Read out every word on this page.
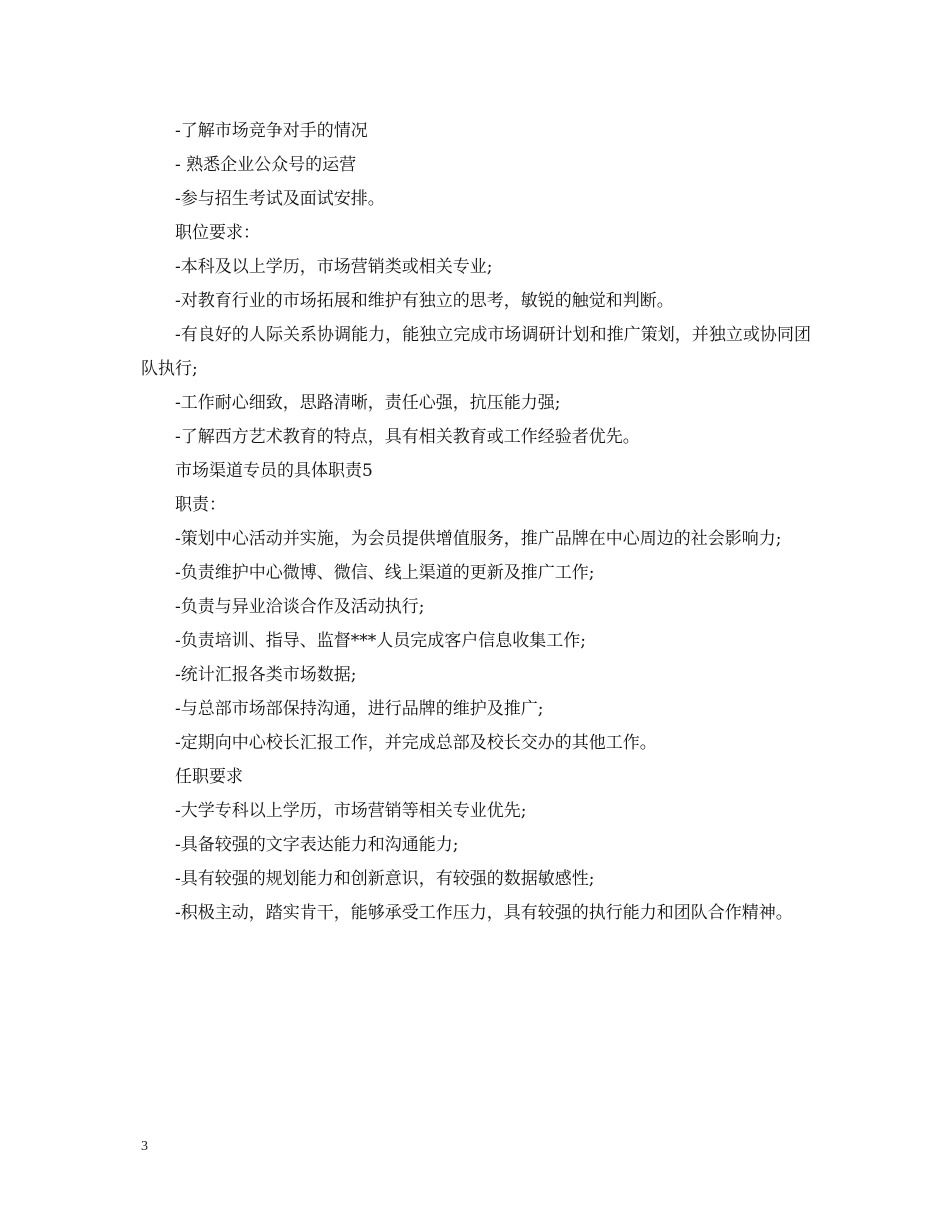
-了解市场竞争对手的情况

- 熟悉企业公众号的运营

-参与招生考试及面试安排。

职位要求：

-本科及以上学历，市场营销类或相关专业;

-对教育行业的市场拓展和维护有独立的思考，敏锐的触觉和判断。

-有良好的人际关系协调能力，能独立完成市场调研计划和推广策划，并独立或协同团队执行;

-工作耐心细致，思路清晰，责任心强，抗压能力强;

-了解西方艺术教育的特点，具有相关教育或工作经验者优先。

市场渠道专员的具体职责5

职责：

-策划中心活动并实施，为会员提供增值服务，推广品牌在中心周边的社会影响力;

-负责维护中心微博、微信、线上渠道的更新及推广工作;

-负责与异业洽谈合作及活动执行;

-负责培训、指导、监督***人员完成客户信息收集工作;

-统计汇报各类市场数据;

-与总部市场部保持沟通，进行品牌的维护及推广;

-定期向中心校长汇报工作，并完成总部及校长交办的其他工作。

任职要求

-大学专科以上学历，市场营销等相关专业优先;

-具备较强的文字表达能力和沟通能力;

-具有较强的规划能力和创新意识，有较强的数据敏感性;

-积极主动，踏实肯干，能够承受工作压力，具有较强的执行能力和团队合作精神。

3
